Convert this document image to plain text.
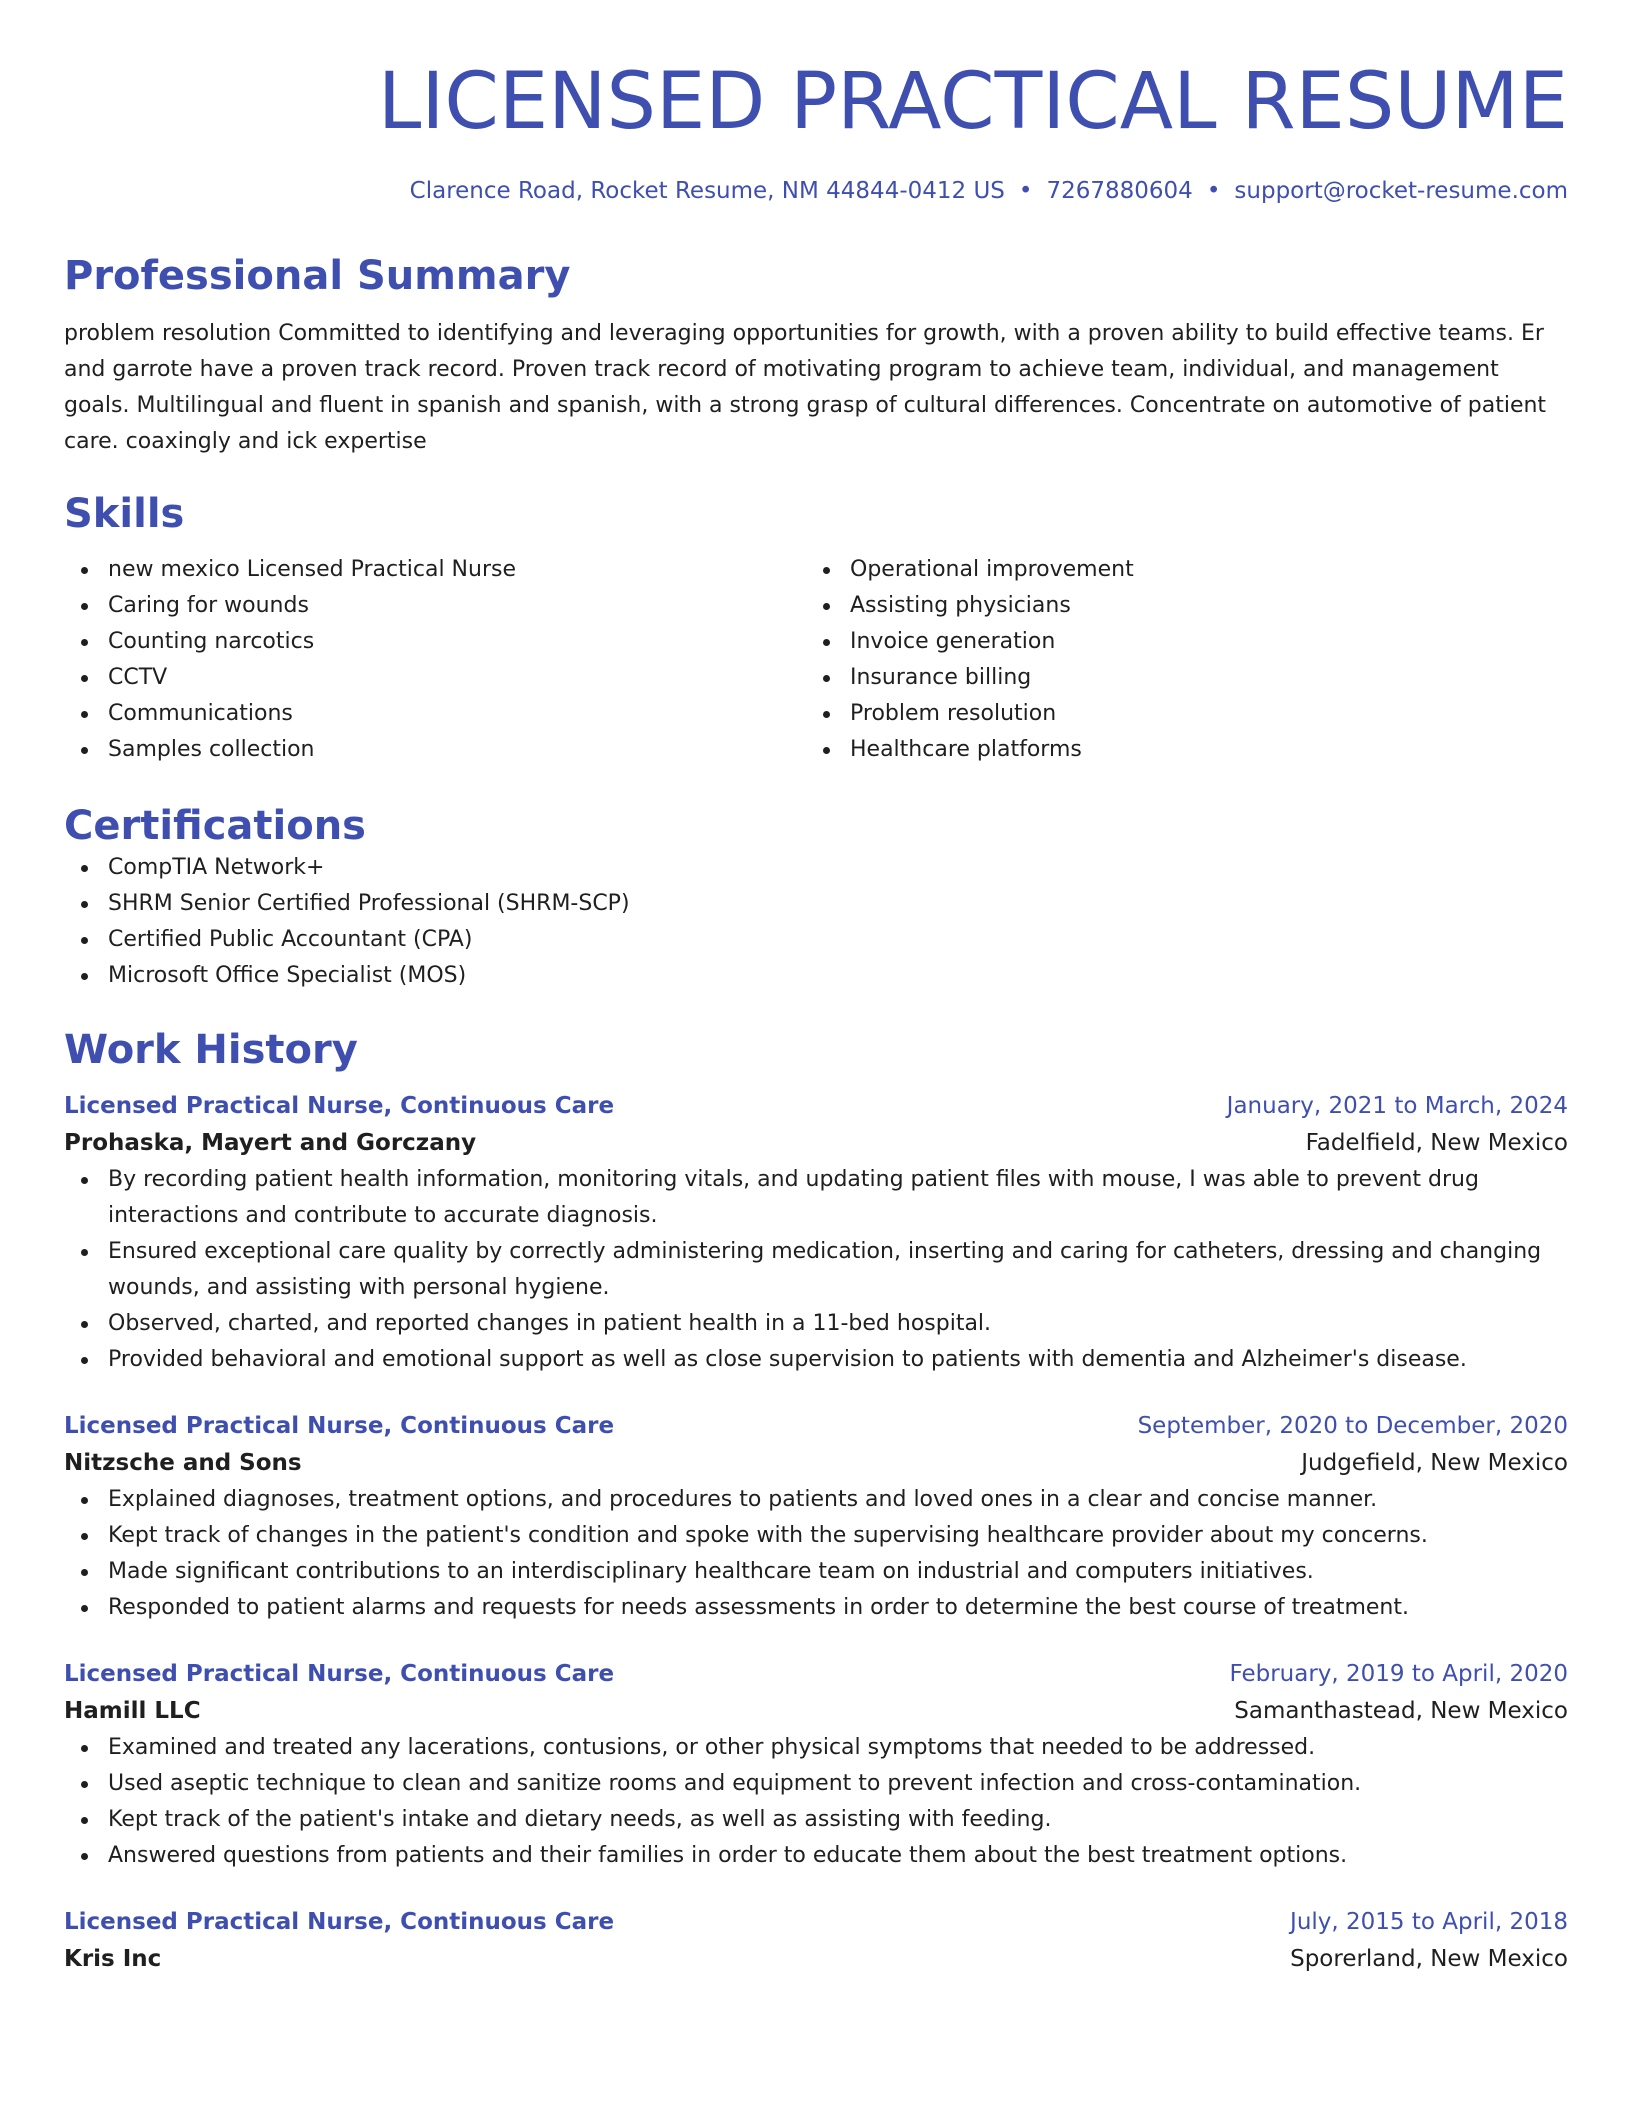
LICENSED PRACTICAL RESUME
Clarence Road, Rocket Resume, NM 44844-0412 US • 7267880604 • support@rocket-resume.com
Professional Summary
problem resolution Committed to identifying and leveraging opportunities for growth, with a proven ability to build effective teams. Er and garrote have a proven track record. Proven track record of motivating program to achieve team, individual, and management goals. Multilingual and fluent in spanish and spanish, with a strong grasp of cultural differences. Concentrate on automotive of patient care. coaxingly and ick expertise
Skills
new mexico Licensed Practical Nurse
Caring for wounds
Counting narcotics
CCTV
Communications
Samples collection
Operational improvement
Assisting physicians
Invoice generation
Insurance billing
Problem resolution
Healthcare platforms
Certifications
CompTIA Network+
SHRM Senior Certified Professional (SHRM-SCP)
Certified Public Accountant (CPA)
Microsoft Office Specialist (MOS)
Work History
Licensed Practical Nurse, Continuous Care	January, 2021 to March, 2024
Prohaska, Mayert and Gorczany	Fadelfield, New Mexico
By recording patient health information, monitoring vitals, and updating patient files with mouse, I was able to prevent drug interactions and contribute to accurate diagnosis.
Ensured exceptional care quality by correctly administering medication, inserting and caring for catheters, dressing and changing wounds, and assisting with personal hygiene.
Observed, charted, and reported changes in patient health in a 11-bed hospital.
Provided behavioral and emotional support as well as close supervision to patients with dementia and Alzheimer's disease.
Licensed Practical Nurse, Continuous Care	September, 2020 to December, 2020
Nitzsche and Sons	Judgefield, New Mexico
Explained diagnoses, treatment options, and procedures to patients and loved ones in a clear and concise manner.
Kept track of changes in the patient's condition and spoke with the supervising healthcare provider about my concerns.
Made significant contributions to an interdisciplinary healthcare team on industrial and computers initiatives.
Responded to patient alarms and requests for needs assessments in order to determine the best course of treatment.
Licensed Practical Nurse, Continuous Care	February, 2019 to April, 2020
Hamill LLC	Samanthastead, New Mexico
Examined and treated any lacerations, contusions, or other physical symptoms that needed to be addressed.
Used aseptic technique to clean and sanitize rooms and equipment to prevent infection and cross-contamination.
Kept track of the patient's intake and dietary needs, as well as assisting with feeding.
Answered questions from patients and their families in order to educate them about the best treatment options.
Licensed Practical Nurse, Continuous Care	July, 2015 to April, 2018
Kris Inc	Sporerland, New Mexico
